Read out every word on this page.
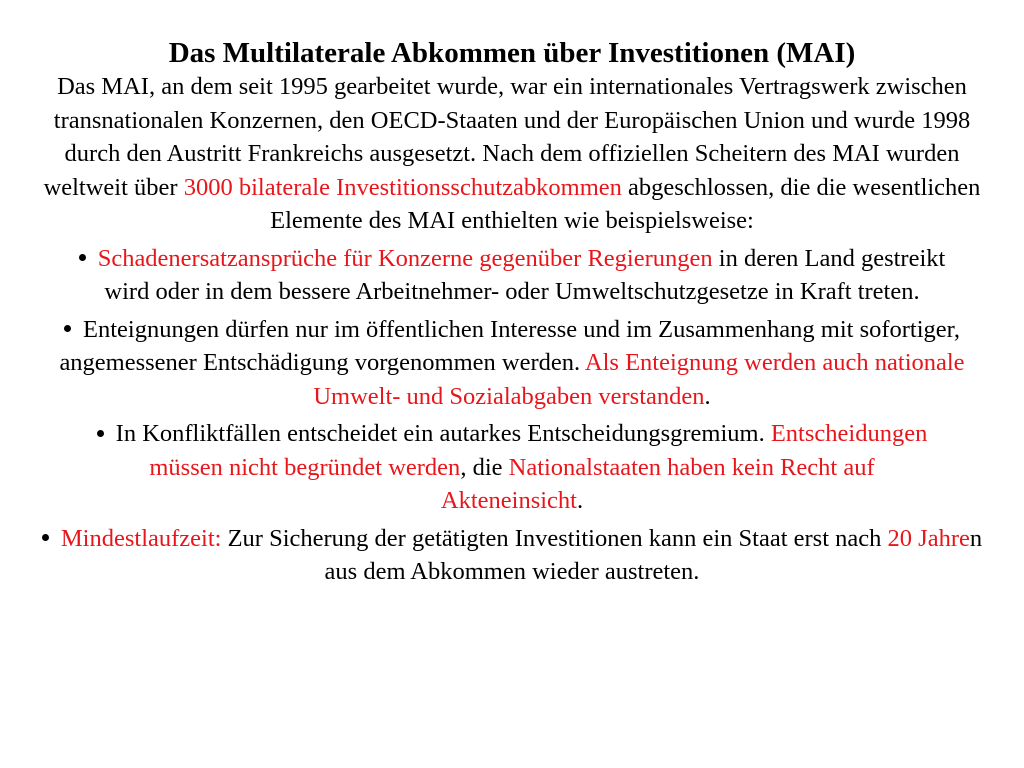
Das Multilaterale Abkommen über Investitionen (MAI)

Das MAI, an dem seit 1995 gearbeitet wurde, war ein internationales Vertragswerk zwischen transnationalen Konzernen, den OECD-Staaten und der Europäischen Union und wurde 1998 durch den Austritt Frankreichs ausgesetzt. Nach dem offiziellen Scheitern des MAI wurden weltweit über 3000 bilaterale Investitionsschutzabkommen abgeschlossen, die die wesentlichen Elemente des MAI enthielten wie beispielsweise:

Schadenersatzansprüche für Konzerne gegenüber Regierungen in deren Land gestreikt wird oder in dem bessere Arbeitnehmer- oder Umweltschutzgesetze in Kraft treten.
Enteignungen dürfen nur im öffentlichen Interesse und im Zusammenhang mit sofortiger, angemessener Entschädigung vorgenommen werden. Als Enteignung werden auch nationale Umwelt- und Sozialabgaben verstanden.
In Konfliktfällen entscheidet ein autarkes Entscheidungsgremium. Entscheidungen müssen nicht begründet werden, die Nationalstaaten haben kein Recht auf Akteneinsicht.
Mindestlaufzeit: Zur Sicherung der getätigten Investitionen kann ein Staat erst nach 20 Jahren aus dem Abkommen wieder austreten.
